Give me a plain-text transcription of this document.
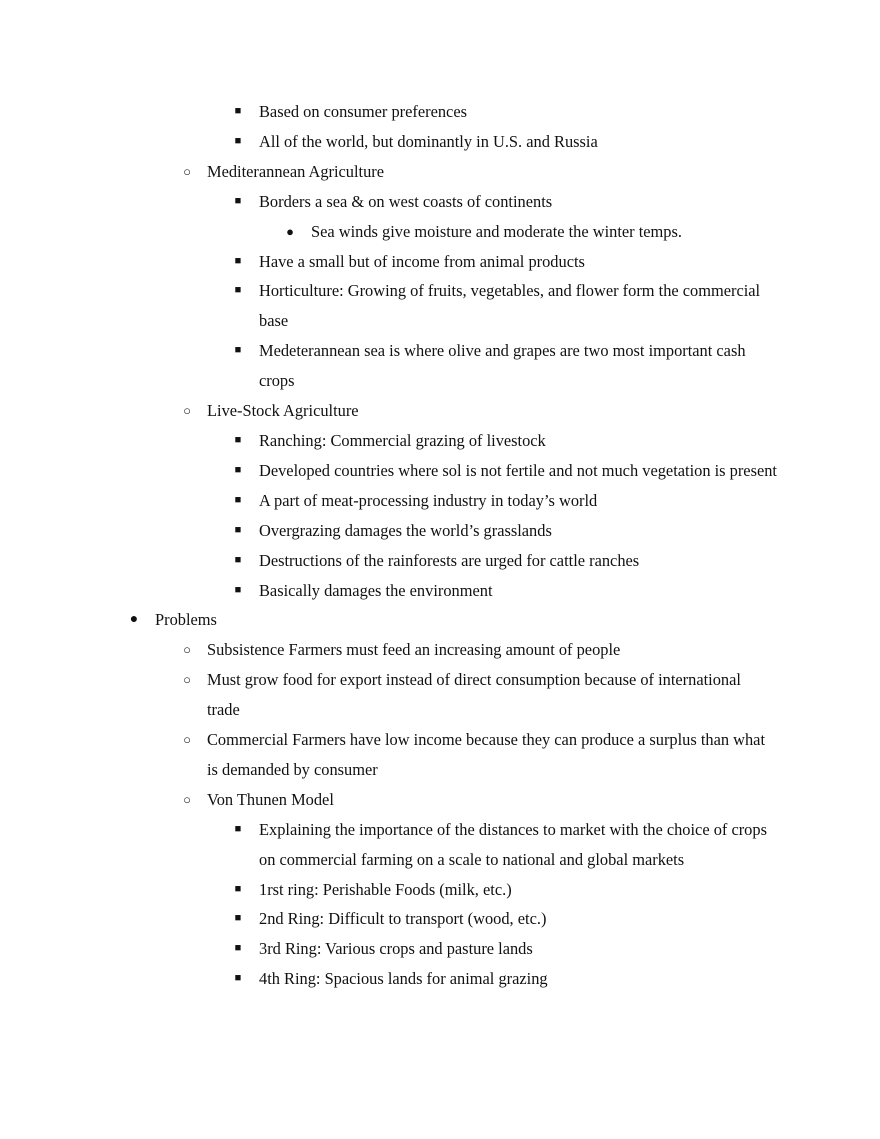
■	Based on consumer preferences
■	All of the world, but dominantly in U.S. and Russia
○ Mediterannean Agriculture
■	Borders a sea & on west coasts of continents
●	Sea winds give moisture and moderate the winter temps.
■	Have a small but of income from animal products
■	Horticulture: Growing of fruits, vegetables, and flower form the commercial base
■	Medeterannean sea is where olive and grapes are two most important cash crops
○ Live-Stock Agriculture
■	Ranching: Commercial grazing of livestock
■	Developed countries where sol is not fertile and not much vegetation is present
■	A part of meat-processing industry in today’s world
■	Overgrazing damages the world’s grasslands
■	Destructions of the rainforests are urged for cattle ranches
■	Basically damages the environment
●	Problems
○ Subsistence Farmers must feed an increasing amount of people
○ Must grow food for export instead of direct consumption because of international trade
○ Commercial Farmers have low income because they can produce a surplus than what is demanded by consumer
○ Von Thunen Model
■	Explaining the importance of the distances to market with the choice of crops on commercial farming on a scale to national and global markets
■	1rst ring: Perishable Foods (milk, etc.)
■	2nd Ring: Difficult to transport (wood, etc.)
■	3rd Ring: Various crops and pasture lands
■	4th Ring: Spacious lands for animal grazing
